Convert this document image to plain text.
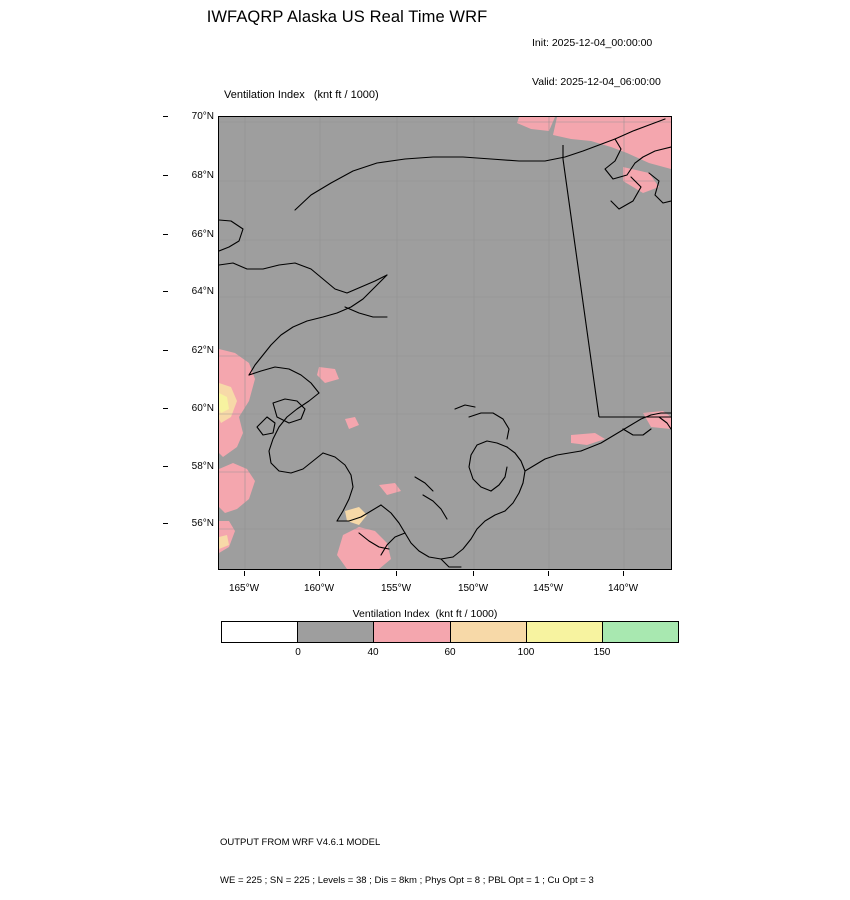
IWFAQRP Alaska US Real Time WRF

Init: 2025-12-04_00:00:00

Valid: 2025-12-04_06:00:00

Ventilation Index   (knt ft / 1000)
70°N
68°N
66°N
64°N
62°N
60°N
58°N
56°N
165°W	160°W	155°W	150°W	145°W	140°W
Ventilation Index  (knt ft / 1000)
0	40	60	100	150

OUTPUT FROM WRF V4.6.1 MODEL

WE = 225 ; SN = 225 ; Levels = 38 ; Dis = 8km ; Phys Opt = 8 ; PBL Opt = 1 ; Cu Opt = 3
